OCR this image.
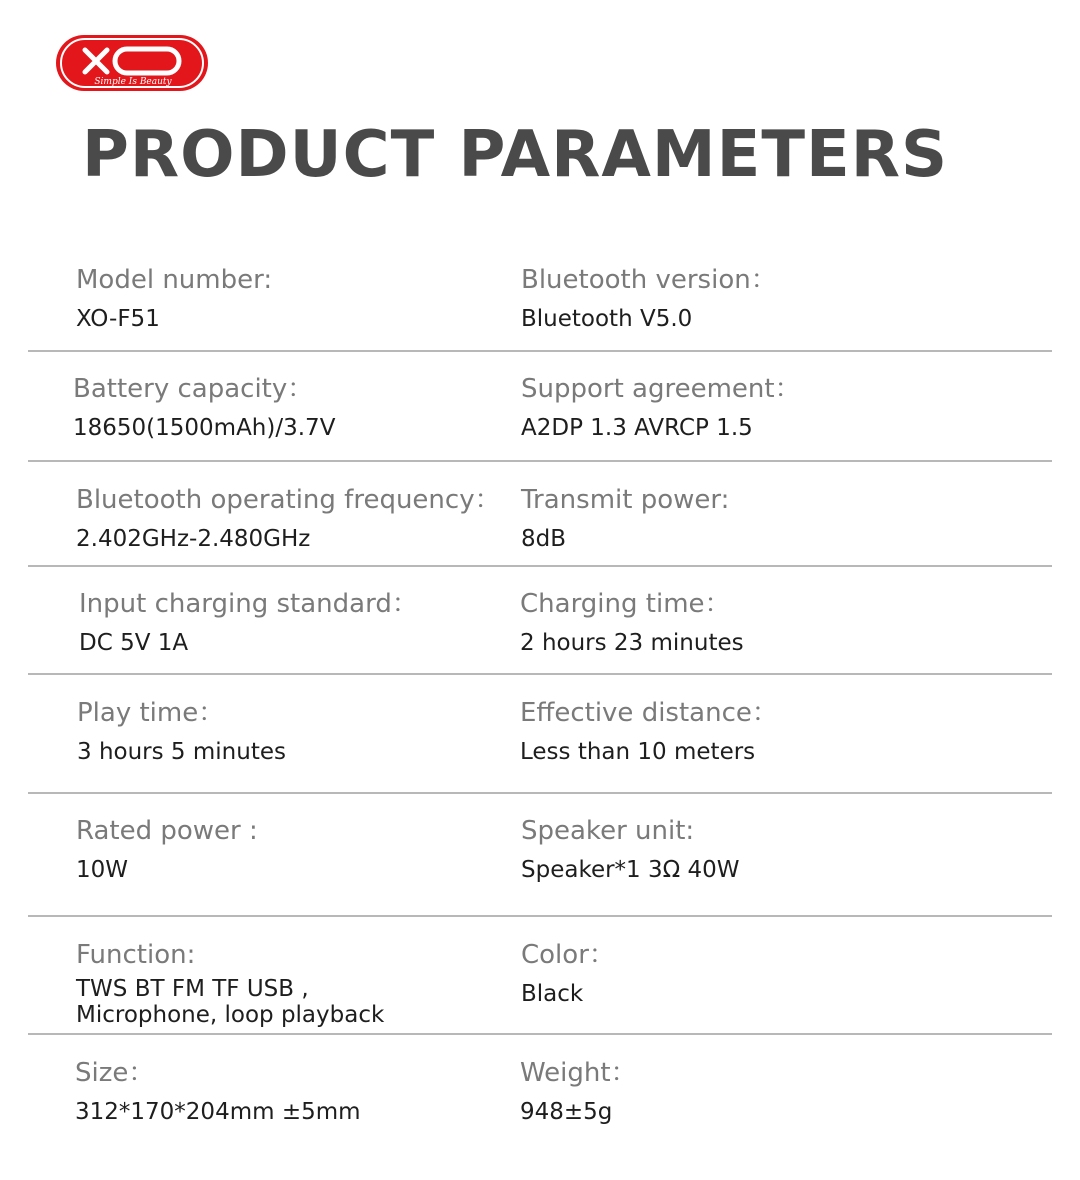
Simple Is Beauty
PRODUCT PARAMETERS
Model number:
XO-F51
Bluetooth version：
Bluetooth V5.0
Battery capacity：
18650(1500mAh)/3.7V
Support agreement：
A2DP 1.3 AVRCP 1.5
Bluetooth operating frequency：
2.402GHz-2.480GHz
Transmit power:
8dB
Input charging standard：
DC 5V 1A
Charging time：
2 hours 23 minutes
Play time：
3 hours 5 minutes
Effective distance：
Less than 10 meters
Rated power :
10W
Speaker unit:
Speaker*1 3Ω 40W
Function:
TWS BT FM TF USB ,
Microphone, loop playback
Color：
Black
Size：
312*170*204mm ±5mm
Weight：
948±5g
